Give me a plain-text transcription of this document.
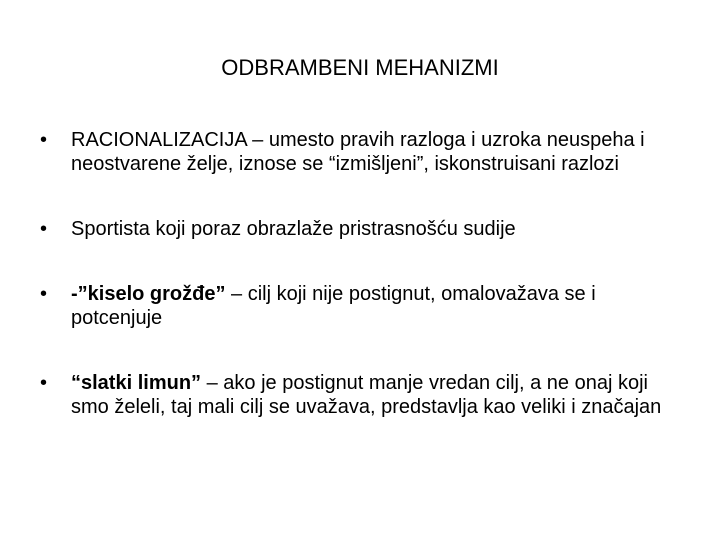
ODBRAMBENI MEHANIZMI
•	RACIONALIZACIJA – umesto pravih razloga i uzroka neuspeha i neostvarene želje, iznose se “izmišljeni”, iskonstruisani razlozi
•	Sportista koji poraz obrazlaže pristrasnošću sudije
•	-”kiselo grožđe” – cilj koji nije postignut, omalovažava se i potcenjuje
•	“slatki limun” – ako je postignut manje vredan cilj, a ne onaj koji smo želeli, taj mali cilj se uvažava, predstavlja kao veliki i značajan
